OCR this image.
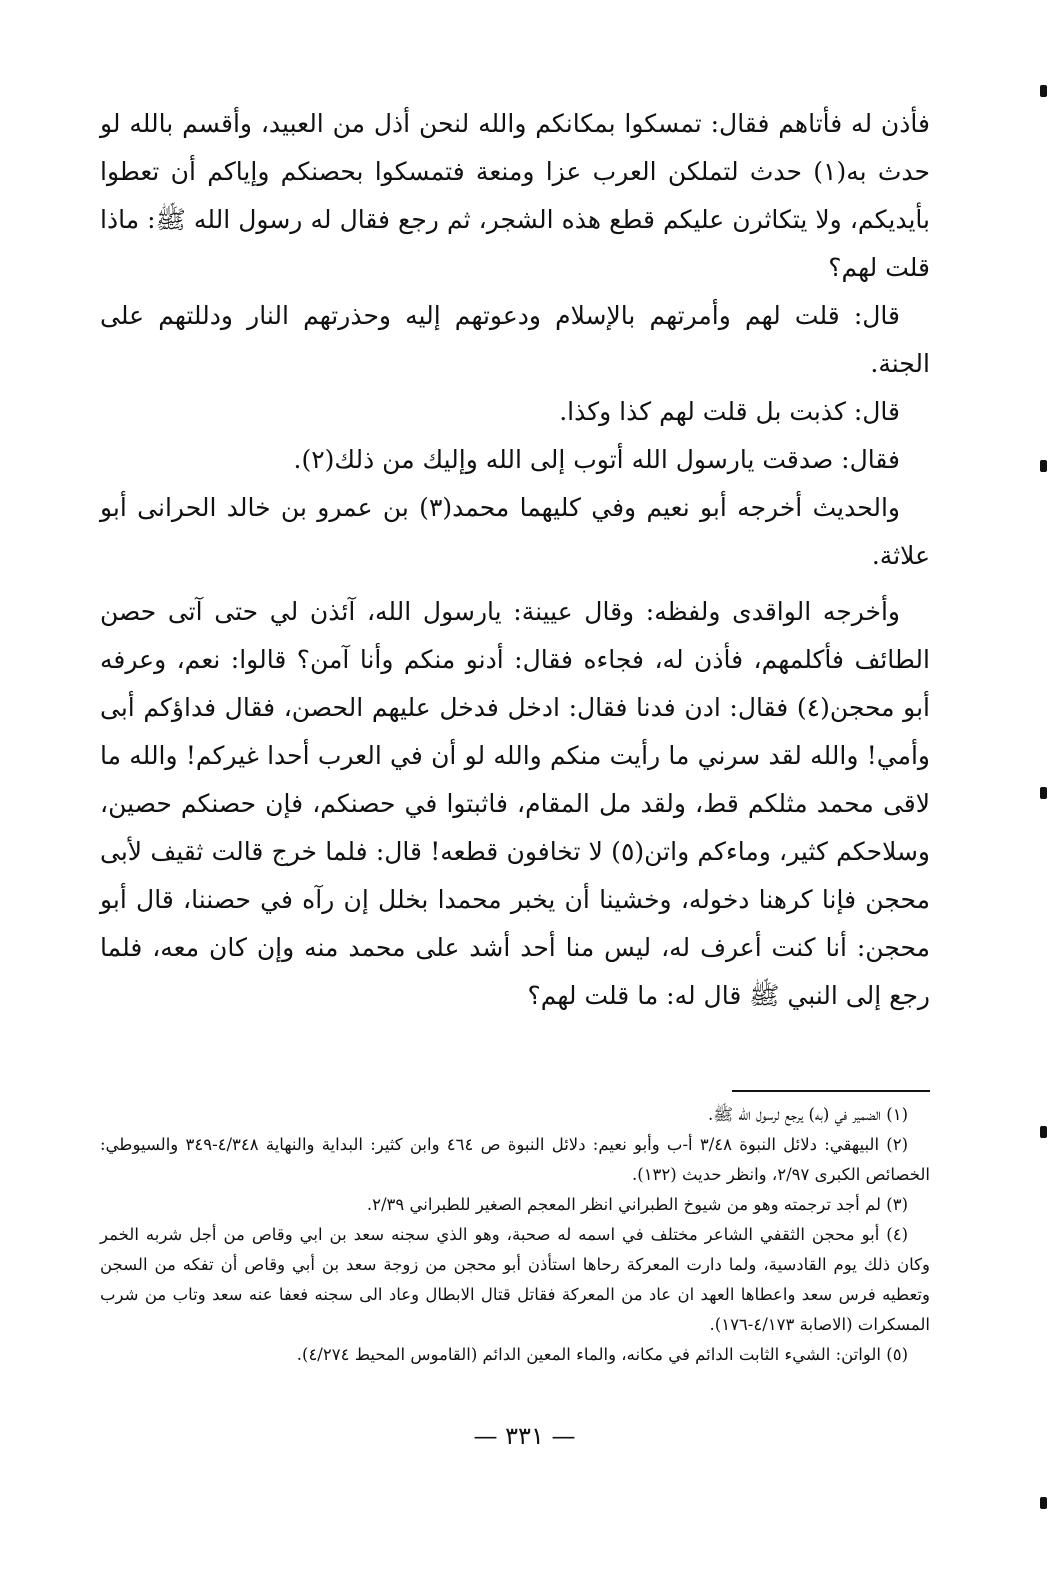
فأذن له فأتاهم فقال: تمسكوا بمكانكم والله لنحن أذل من العبيد، وأقسم بالله لو حدث به(١) حدث لتملكن العرب عزا ومنعة فتمسكوا بحصنكم وإياكم أن تعطوا بأيديكم، ولا يتكاثرن عليكم قطع هذه الشجر، ثم رجع فقال له رسول الله ﷺ: ماذا قلت لهم؟

قال: قلت لهم وأمرتهم بالإسلام ودعوتهم إليه وحذرتهم النار ودللتهم على الجنة.

قال: كذبت بل قلت لهم كذا وكذا.

فقال: صدقت يارسول الله أتوب إلى الله وإليك من ذلك(٢).

والحديث أخرجه أبو نعيم وفي كليهما محمد(٣) بن عمرو بن خالد الحرانى أبو علاثة.

وأخرجه الواقدى ولفظه: وقال عيينة: يارسول الله، آئذن لي حتى آتى حصن الطائف فأكلمهم، فأذن له، فجاءه فقال: أدنو منكم وأنا آمن؟ قالوا: نعم، وعرفه أبو محجن(٤) فقال: ادن فدنا فقال: ادخل فدخل عليهم الحصن، فقال فداؤكم أبى وأمي! والله لقد سرني ما رأيت منكم والله لو أن في العرب أحدا غيركم! والله ما لاقى محمد مثلكم قط، ولقد مل المقام، فاثبتوا في حصنكم، فإن حصنكم حصين، وسلاحكم كثير، وماءكم واتن(٥) لا تخافون قطعه! قال: فلما خرج قالت ثقيف لأبى محجن فإنا كرهنا دخوله، وخشينا أن يخبر محمدا بخلل إن رآه في حصننا، قال أبو محجن: أنا كنت أعرف له، ليس منا أحد أشد على محمد منه وإن كان معه، فلما رجع إلى النبي ﷺ قال له: ما قلت لهم؟

(١) الضمير في (به) يرجع لرسول الله ﷺ.

(٢) البيهقي: دلائل النبوة ٣/٤٨ أ-ب وأبو نعيم: دلائل النبوة ص ٤٦٤ وابن كثير: البداية والنهاية ٤/٣٤٨-٣٤٩ والسيوطي: الخصائص الكبرى ٢/٩٧، وانظر حديث (١٣٢).

(٣) لم أجد ترجمته وهو من شيوخ الطبراني انظر المعجم الصغير للطبراني ٢/٣٩.

(٤) أبو محجن الثقفي الشاعر مختلف في اسمه له صحبة، وهو الذي سجنه سعد بن ابي وقاص من أجل شربه الخمر وكان ذلك يوم القادسية، ولما دارت المعركة رحاها استأذن أبو محجن من زوجة سعد بن أبي وقاص أن تفكه من السجن وتعطيه فرس سعد واعطاها العهد ان عاد من المعركة فقاتل قتال الابطال وعاد الى سجنه فعفا عنه سعد وتاب من شرب المسكرات (الاصابة ٤/١٧٣-١٧٦).

(٥) الواتن: الشيء الثابت الدائم في مكانه، والماء المعين الدائم (القاموس المحيط ٤/٢٧٤).

— ٣٣١ —
